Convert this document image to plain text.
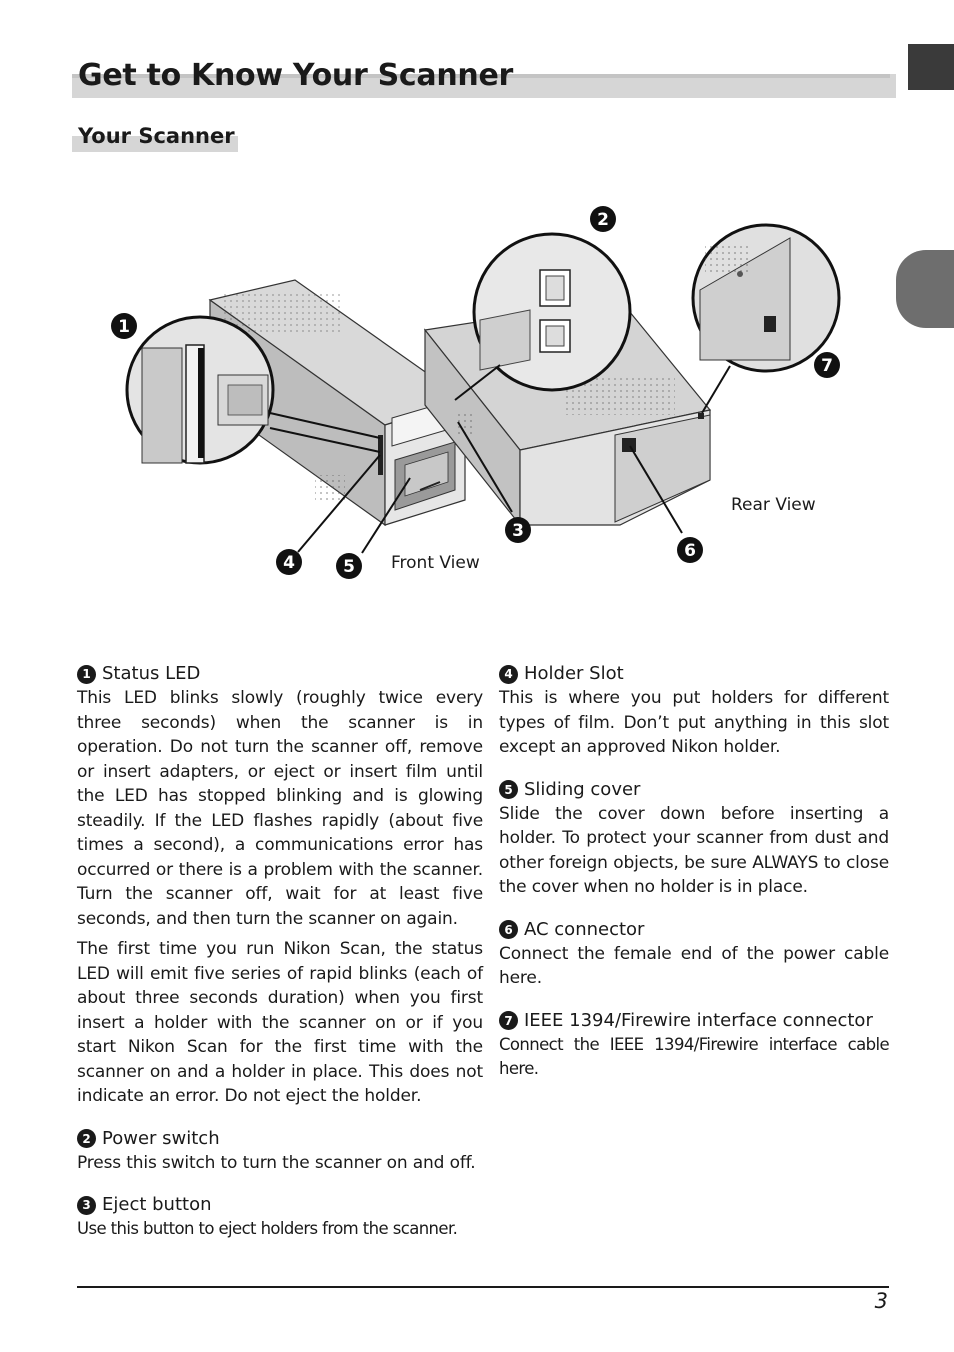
Get to Know Your Scanner
Your Scanner
1
2
3
4	5
6
7
Front View
Rear View
1 Status LED

This LED blinks slowly (roughly twice every three seconds) when the scanner is in operation. Do not turn the scanner off, remove or insert adapters, or eject or insert film until the LED has stopped blinking and is glowing steadily. If the LED flashes rapidly (about five times a second), a communications error has occurred or there is a problem with the scanner. Turn the scanner off, wait for at least five seconds, and then turn the scanner on again.

The first time you run Nikon Scan, the status LED will emit five series of rapid blinks (each of about three seconds duration) when you first insert a holder with the scanner on or if you start Nikon Scan for the first time with the scanner on and a holder in place. This does not indicate an error. Do not eject the holder.

2 Power switch

Press this switch to turn the scanner on and off.

3 Eject button

Use this button to eject holders from the scanner.

4 Holder Slot

This is where you put holders for different types of film. Don’t put anything in this slot except an approved Nikon holder.

5 Sliding cover

Slide the cover down before inserting a holder. To protect your scanner from dust and other foreign objects, be sure ALWAYS to close the cover when no holder is in place.

6 AC connector

Connect the female end of the power cable here.

7 IEEE 1394/Firewire interface connector

Connect the IEEE 1394/Firewire interface cable here.

3
